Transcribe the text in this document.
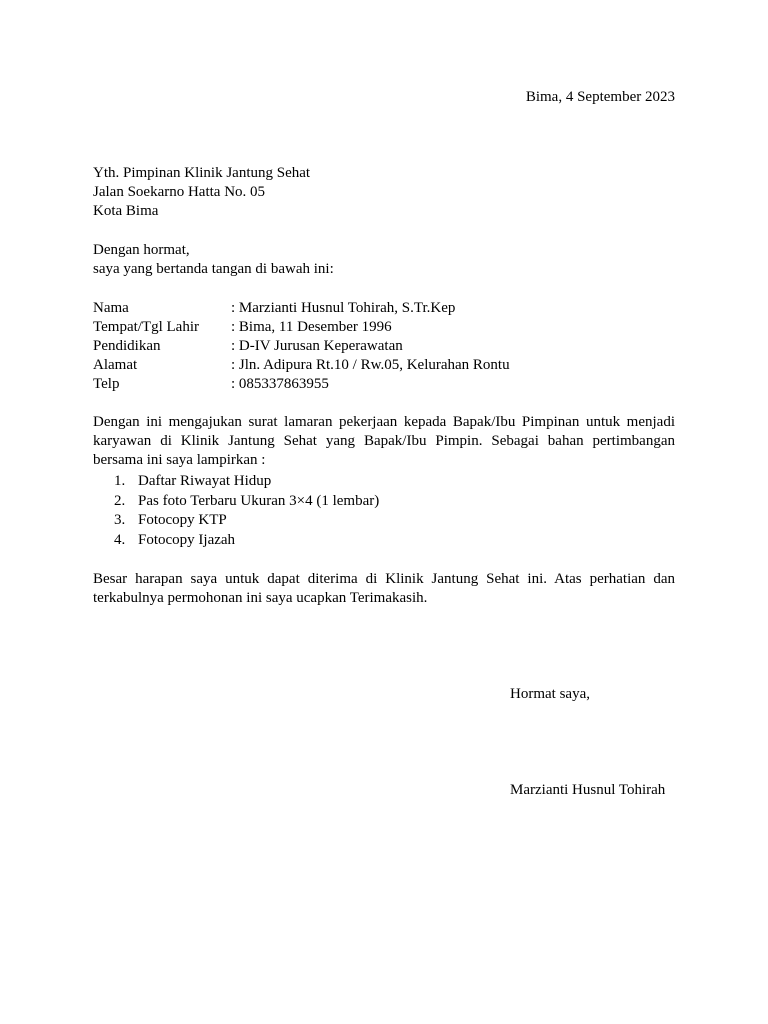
Bima, 4 September 2023
Yth. Pimpinan Klinik Jantung Sehat
Jalan Soekarno Hatta No. 05
Kota Bima
Dengan hormat,
saya yang bertanda tangan di bawah ini:
Nama	: Marzianti Husnul Tohirah, S.Tr.Kep
Tempat/Tgl Lahir	: Bima, 11 Desember 1996
Pendidikan	: D-IV Jurusan Keperawatan
Alamat	: Jln. Adipura Rt.10 / Rw.05, Kelurahan Rontu
Telp	: 085337863955
Dengan ini mengajukan surat lamaran pekerjaan kepada Bapak/Ibu Pimpinan untuk menjadi karyawan di Klinik Jantung Sehat yang Bapak/Ibu Pimpin. Sebagai bahan pertimbangan bersama ini saya lampirkan :
1. Daftar Riwayat Hidup
2. Pas foto Terbaru Ukuran 3×4 (1 lembar)
3. Fotocopy KTP
4. Fotocopy Ijazah
Besar harapan saya untuk dapat diterima di Klinik Jantung Sehat ini. Atas perhatian dan terkabulnya permohonan ini saya ucapkan Terimakasih.
Hormat saya,
Marzianti Husnul Tohirah
